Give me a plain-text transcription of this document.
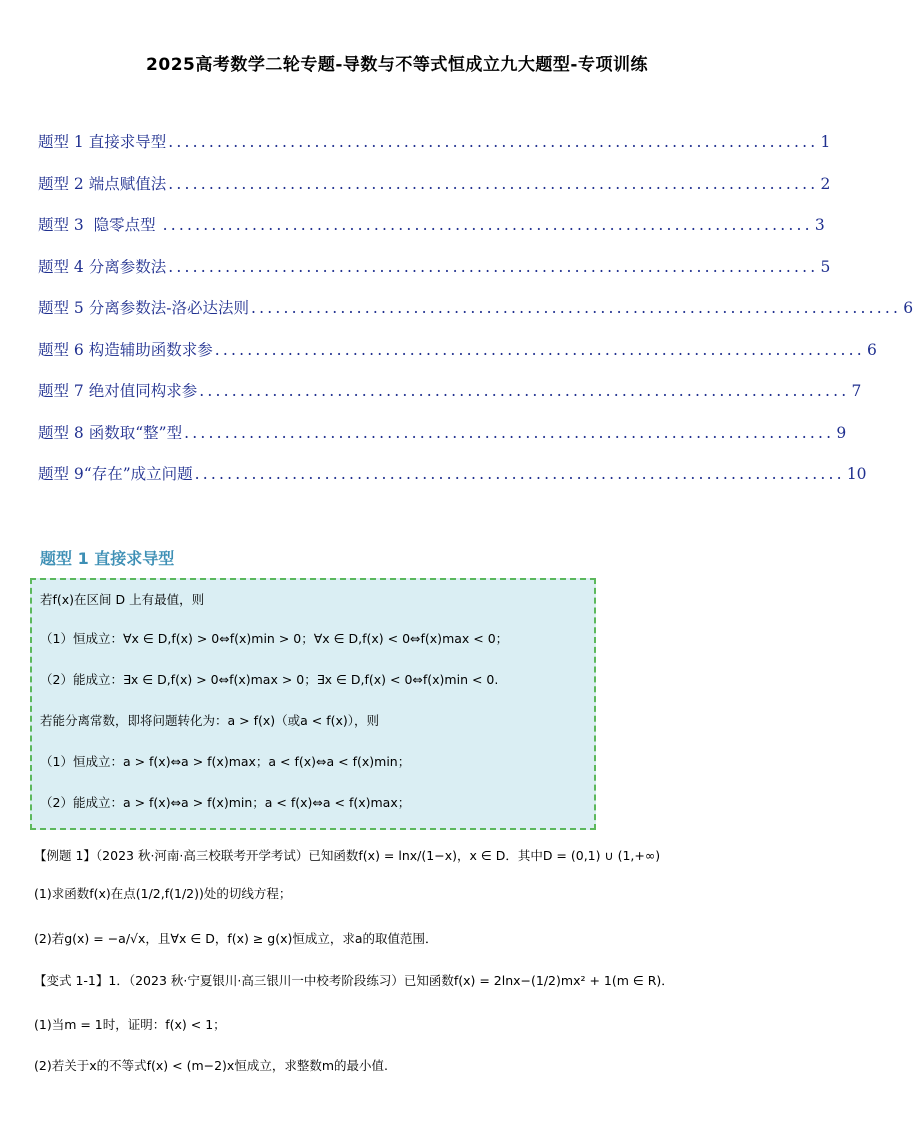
2025高考数学二轮专题-导数与不等式恒成立九大题型-专项训练
题型 1 直接求导型 ................................................................................ 1
题型 2 端点赋值法 ................................................................................ 2
题型 3  隐零点型 ................................................................................ 3
题型 4 分离参数法 ................................................................................ 5
题型 5 分离参数法-洛必达法则 ................................................................................ 6
题型 6 构造辅助函数求参 ................................................................................ 6
题型 7 绝对值同构求参 ................................................................................ 7
题型 8 函数取“整”型 ................................................................................ 9
题型 9“存在”成立问题 ................................................................................ 10
题型 1 直接求导型
若f(x)在区间 D 上有最值，则
（1）恒成立：∀x ∈ D,f(x) > 0⇔f(x)min > 0；∀x ∈ D,f(x) < 0⇔f(x)max < 0；
（2）能成立：∃x ∈ D,f(x) > 0⇔f(x)max > 0；∃x ∈ D,f(x) < 0⇔f(x)min < 0.
若能分离常数，即将问题转化为：a > f(x)（或a < f(x)），则
（1）恒成立：a > f(x)⇔a > f(x)max；a < f(x)⇔a < f(x)min；
（2）能成立：a > f(x)⇔a > f(x)min；a < f(x)⇔a < f(x)max；
【例题 1】（2023 秋·河南·高三校联考开学考试）已知函数f(x) = lnx/(1−x)，x ∈ D．其中D = (0,1) ∪ (1,+∞)
(1)求函数f(x)在点(1/2,f(1/2))处的切线方程；
(2)若g(x) = −a/√x，且∀x ∈ D，f(x) ≥ g(x)恒成立，求a的取值范围．
【变式 1-1】1．（2023 秋·宁夏银川·高三银川一中校考阶段练习）已知函数f(x) = 2lnx−(1/2)mx² + 1(m ∈ R)．
(1)当m = 1时，证明：f(x) < 1；
(2)若关于x的不等式f(x) < (m−2)x恒成立，求整数m的最小值.
